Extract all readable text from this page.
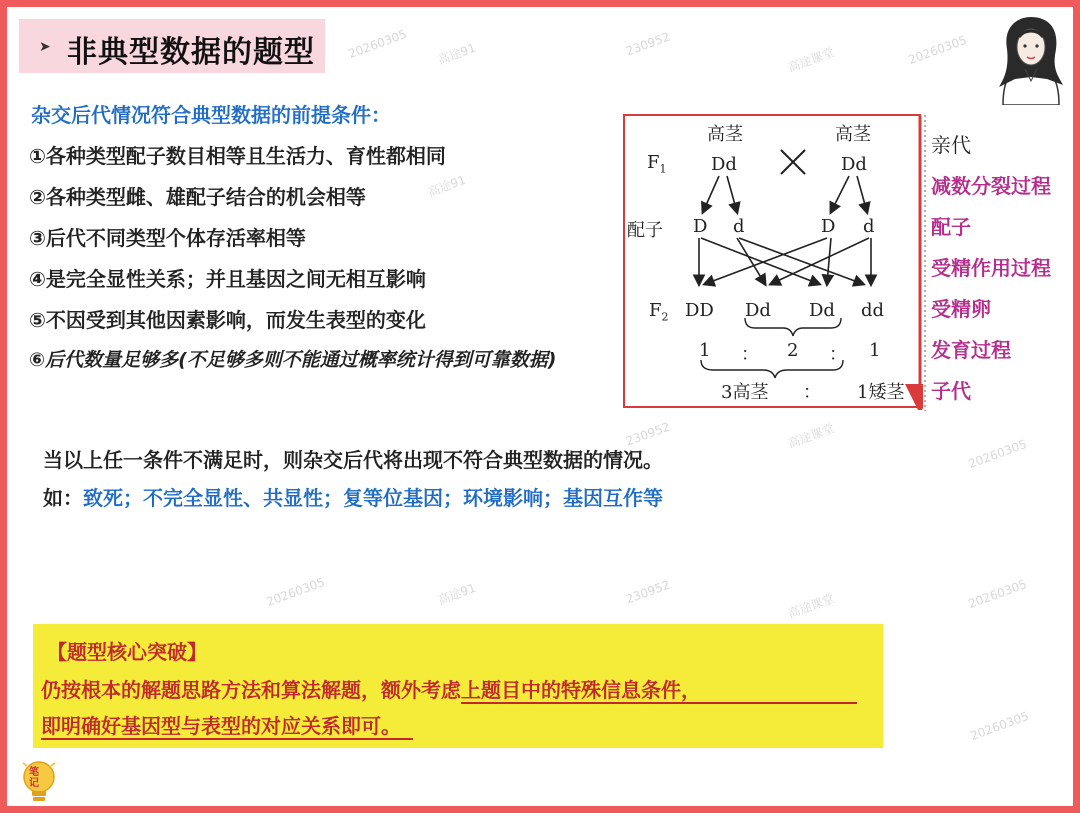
20260305 高途91	230952
高途课堂	20260305
高途91
230952	高途课堂
20260305
20260305	高途91	230952	高途课堂	20260305
20260305
➤ 非典型数据的题型
杂交后代情况符合典型数据的前提条件：
①各种类型配子数目相等且生活力、育性都相同
②各种类型雌、雄配子结合的机会相等
③后代不同类型个体存活率相等
④是完全显性关系；并且基因之间无相互影响
⑤不因受到其他因素影响，而发生表型的变化
⑥后代数量足够多(不足够多则不能通过概率统计得到可靠数据)
高茎	高茎
$F_1$ Dd	Dd
配子 D d	D d
$F_2$ DD Dd Dd dd
1 ： 2 ： 1
3高茎 ： 1矮茎
亲代
减数分裂过程
配子
受精作用过程
受精卵
发育过程
子代
当以上任一条件不满足时，则杂交后代将出现不符合典型数据的情况。
如：致死；不完全显性、共显性；复等位基因；环境影响；基因互作等
【题型核心突破】
仍按根本的解题思路方法和算法解题，额外考虑上题目中的特殊信息条件，
即明确好基因型与表型的对应关系即可。
笔记
